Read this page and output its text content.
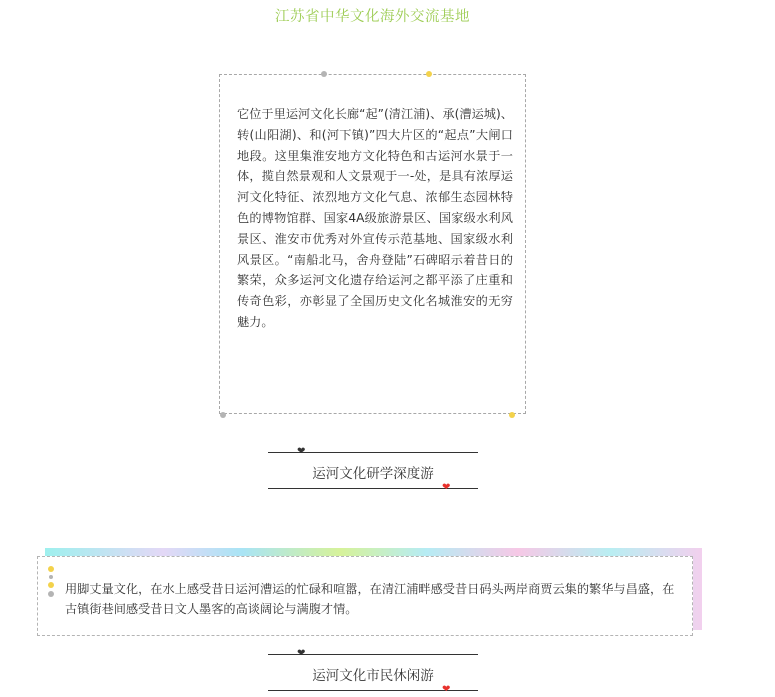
江苏省中华文化海外交流基地
它位于里运河文化长廊“起”(清江浦)、承(漕运城)、转(山阳湖)、和(河下镇)”四大片区的“起点”大闸口地段。这里集淮安地方文化特色和古运河水景于一体，揽自然景观和人文景观于一-处，是具有浓厚运河文化特征、浓烈地方文化气息、浓郁生态园林特色的博物馆群、国家4A级旅游景区、国家级水利风景区、淮安市优秀对外宣传示范基地、国家级水利风景区。“南船北马，舍舟登陆”石碑昭示着昔日的繁荣，众多运河文化遗存给运河之都平添了庄重和传奇色彩，亦彰显了全国历史文化名城淮安的无穷魅力。
❤
运河文化研学深度游
❤
用脚丈量文化，在水上感受昔日运河漕运的忙碌和喧嚣，在清江浦畔感受昔日码头两岸商贾云集的繁华与昌盛，在古镇街巷间感受昔日文人墨客的高谈阔论与满腹才情。
❤
运河文化市民休闲游
❤
